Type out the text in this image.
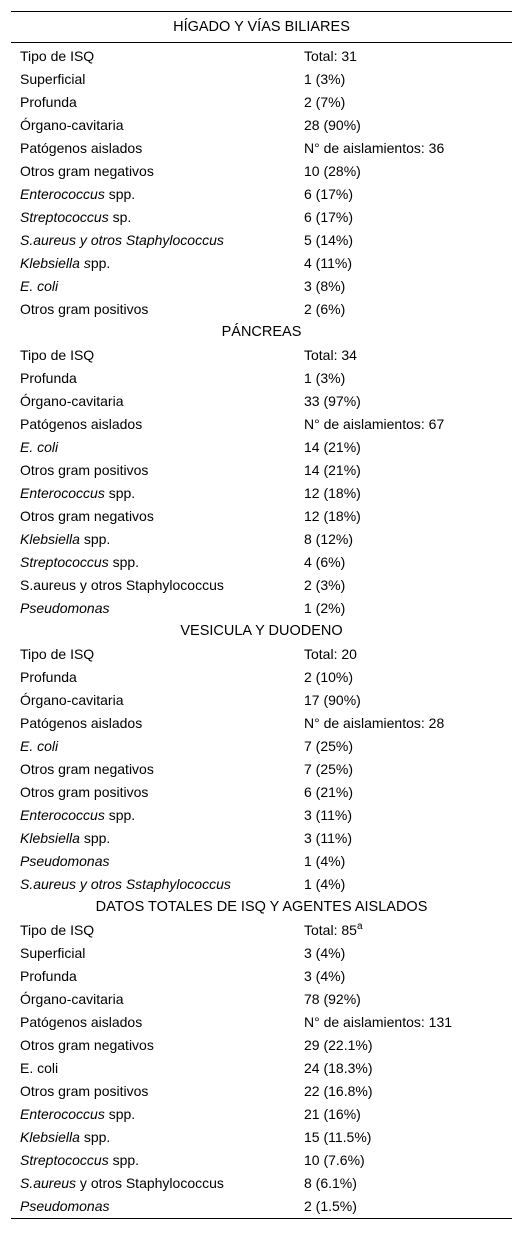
HÍGADO Y VÍAS BILIARES
Tipo de ISQ	Total: 31
Superficial	1 (3%)
Profunda	2 (7%)
Órgano-cavitaria	28 (90%)
Patógenos aislados	N° de aislamientos: 36
Otros gram negativos	10 (28%)
Enterococcus spp.	6 (17%)
Streptococcus sp.	6 (17%)
S.aureus y otros Staphylococcus	5 (14%)
Klebsiella spp.	4 (11%)
E. coli	3 (8%)
Otros gram positivos	2 (6%)
PÁNCREAS
Tipo de ISQ	Total: 34
Profunda	1 (3%)
Órgano-cavitaria	33 (97%)
Patógenos aislados	N° de aislamientos: 67
E. coli	14 (21%)
Otros gram positivos	14 (21%)
Enterococcus spp.	12 (18%)
Otros gram negativos	12 (18%)
Klebsiella spp.	8 (12%)
Streptococcus spp.	4 (6%)
S.aureus y otros Staphylococcus	2 (3%)
Pseudomonas	1 (2%)
VESICULA Y DUODENO
Tipo de ISQ	Total: 20
Profunda	2 (10%)
Órgano-cavitaria	17 (90%)
Patógenos aislados	N° de aislamientos: 28
E. coli	7 (25%)
Otros gram negativos	7 (25%)
Otros gram positivos	6 (21%)
Enterococcus spp.	3 (11%)
Klebsiella spp.	3 (11%)
Pseudomonas	1 (4%)
S.aureus y otros Sstaphylococcus	1 (4%)
DATOS TOTALES DE ISQ Y AGENTES AISLADOS
Tipo de ISQ	Total: 85$^a$
Superficial	3 (4%)
Profunda	3 (4%)
Órgano-cavitaria	78 (92%)
Patógenos aislados	N° de aislamientos: 131
Otros gram negativos	29 (22.1%)
E. coli	24 (18.3%)
Otros gram positivos	22 (16.8%)
Enterococcus spp.	21 (16%)
Klebsiella spp.	15 (11.5%)
Streptococcus spp.	10 (7.6%)
S.aureus y otros Staphylococcus	8 (6.1%)
Pseudomonas	2 (1.5%)
